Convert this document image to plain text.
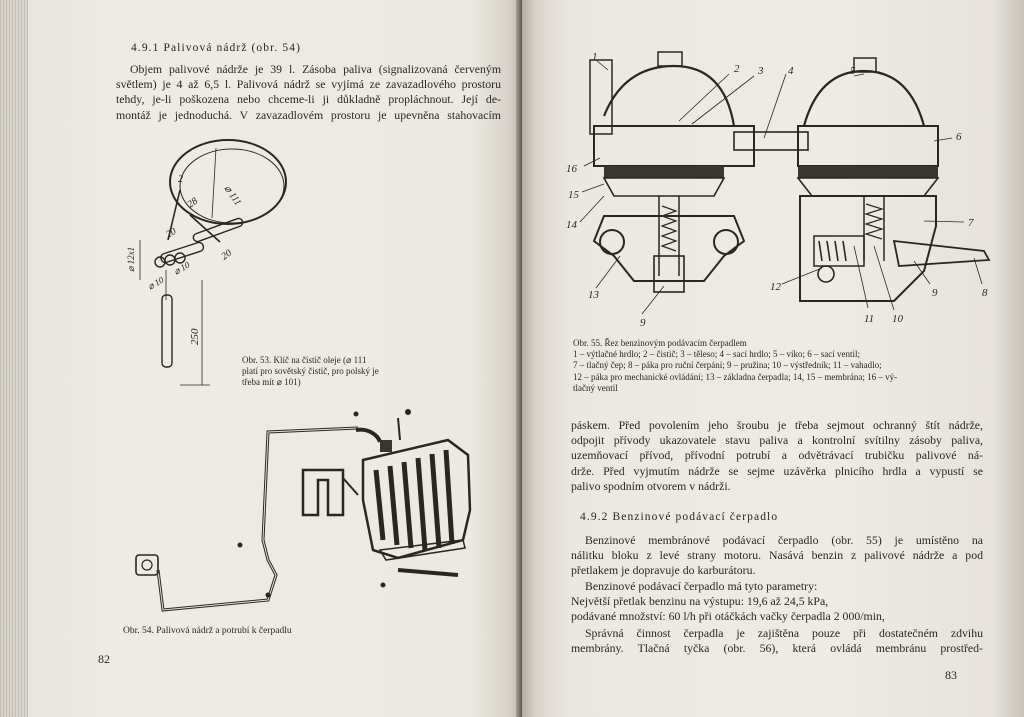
4.9.1 Palivová nádrž (obr. 54)
Objem palivové nádrže je 39 l. Zásoba paliva (signalizovaná červeným
světlem) je 4 až 6,5 l. Palivová nádrž se vyjímá ze zavazadlového prostoru
tehdy, je-li poškozena nebo chceme-li ji důkladně propláchnout. Její de-
montáž je jednoduchá. V zavazadlovém prostoru je upevněna stahovacím
2
⌀ 111
28
20
20
⌀ 12x1	⌀ 10
⌀ 10
250
Obr. 53. Klíč na čistič oleje (⌀ 111
platí pro sovětský čistič, pro polský je
třeba mít ⌀ 101)
Obr. 54. Palivová nádrž a potrubí k čerpadlu
82
1
2 3 4	5
6
7
8
9
9
10
11
12
13
14
15
16
Obr. 55. Řez benzinovým podávacím čerpadlem
1 – výtlačné hrdlo; 2 – čistič; 3 – těleso; 4 – sací hrdlo; 5 – víko; 6 – sací ventil;
7 – tlačný čep; 8 – páka pro ruční čerpání; 9 – pružina; 10 – výstředník; 11 – vahadlo;
12 – páka pro mechanické ovládání; 13 – základna čerpadla; 14, 15 – membrána; 16 – vý-
tlačný ventil
páskem. Před povolením jeho šroubu je třeba sejmout ochranný štít nádrže,
odpojit přívody ukazovatele stavu paliva a kontrolní svítilny zásoby paliva,
uzemňovací přívod, přívodní potrubí a odvětrávací trubičku palivové ná-
drže. Před vyjmutím nádrže se sejme uzávěrka plnicího hrdla a vypustí se
palivo spodním otvorem v nádrži.
4.9.2 Benzinové podávací čerpadlo
Benzinové membránové podávací čerpadlo (obr. 55) je umístěno na
nálitku bloku z levé strany motoru. Nasává benzin z palivové nádrže a pod
přetlakem je dopravuje do karburátoru.
Benzinové podávací čerpadlo má tyto parametry:
Největší přetlak benzinu na výstupu: 19,6 až 24,5 kPa,
podávané množství: 60 l/h při otáčkách vačky čerpadla 2 000/min,
Správná činnost čerpadla je zajištěna pouze při dostatečném zdvihu
membrány. Tlačná tyčka (obr. 56), která ovládá membránu prostřed-
83
